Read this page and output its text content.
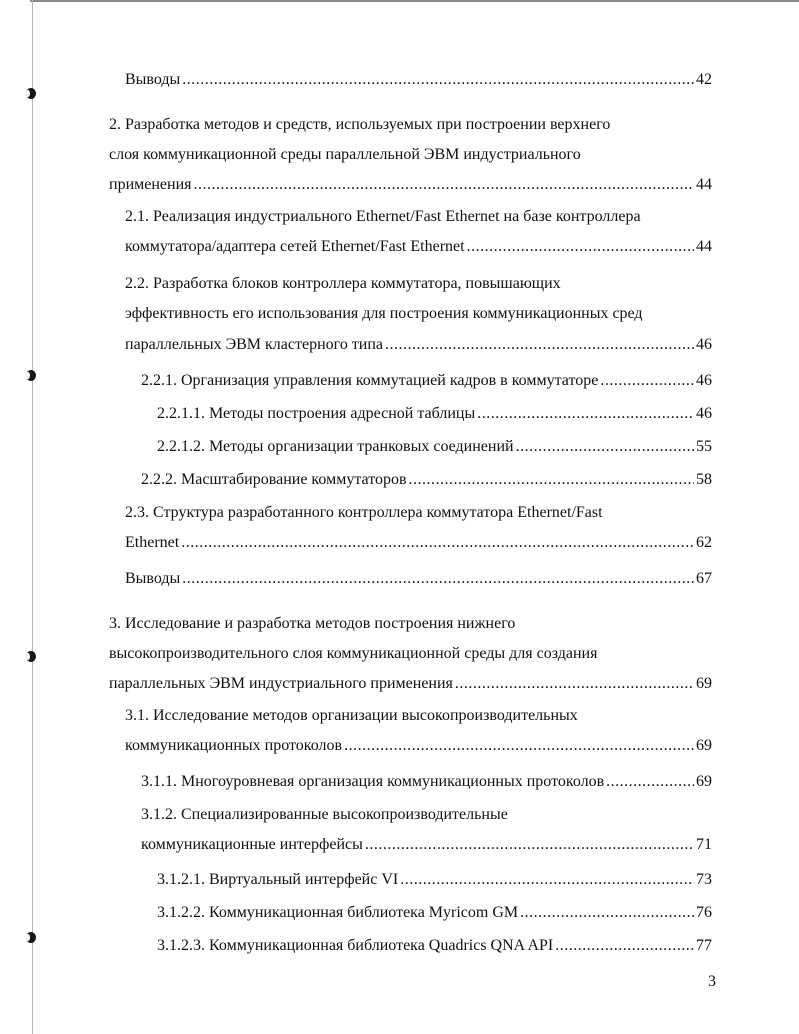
Выводы .....	42
2. Разработка методов и средств, используемых при построении верхнего
слоя коммуникационной среды параллельной ЭВМ индустриального
применения .....	44
2.1. Реализация индустриального Ethernet/Fast Ethernet на базе контроллера
коммутатора/адаптера сетей Ethernet/Fast Ethernet .....	44
2.2. Разработка блоков контроллера коммутатора, повышающих
эффективность его использования для построения коммуникационных сред
параллельных ЭВМ кластерного типа .....	46
2.2.1. Организация управления коммутацией кадров в коммутаторе .....	46
2.2.1.1. Методы построения адресной таблицы .....	46
2.2.1.2. Методы организации транковых соединений .....	55
2.2.2. Масштабирование коммутаторов .....	58
2.3. Структура разработанного контроллера коммутатора Ethernet/Fast
Ethernet .....	62
Выводы .....	67
3. Исследование и разработка методов построения нижнего
высокопроизводительного слоя коммуникационной среды для создания
параллельных ЭВМ индустриального применения .....	69
3.1. Исследование методов организации высокопроизводительных
коммуникационных протоколов .....	69
3.1.1. Многоуровневая организация коммуникационных протоколов .....	69
3.1.2. Специализированные высокопроизводительные
коммуникационные интерфейсы .....	71
3.1.2.1. Виртуальный интерфейс VI .....	73
3.1.2.2. Коммуникационная библиотека Myricom GM .....	76
3.1.2.3. Коммуникационная библиотека Quadrics QNA API .....	77
3
